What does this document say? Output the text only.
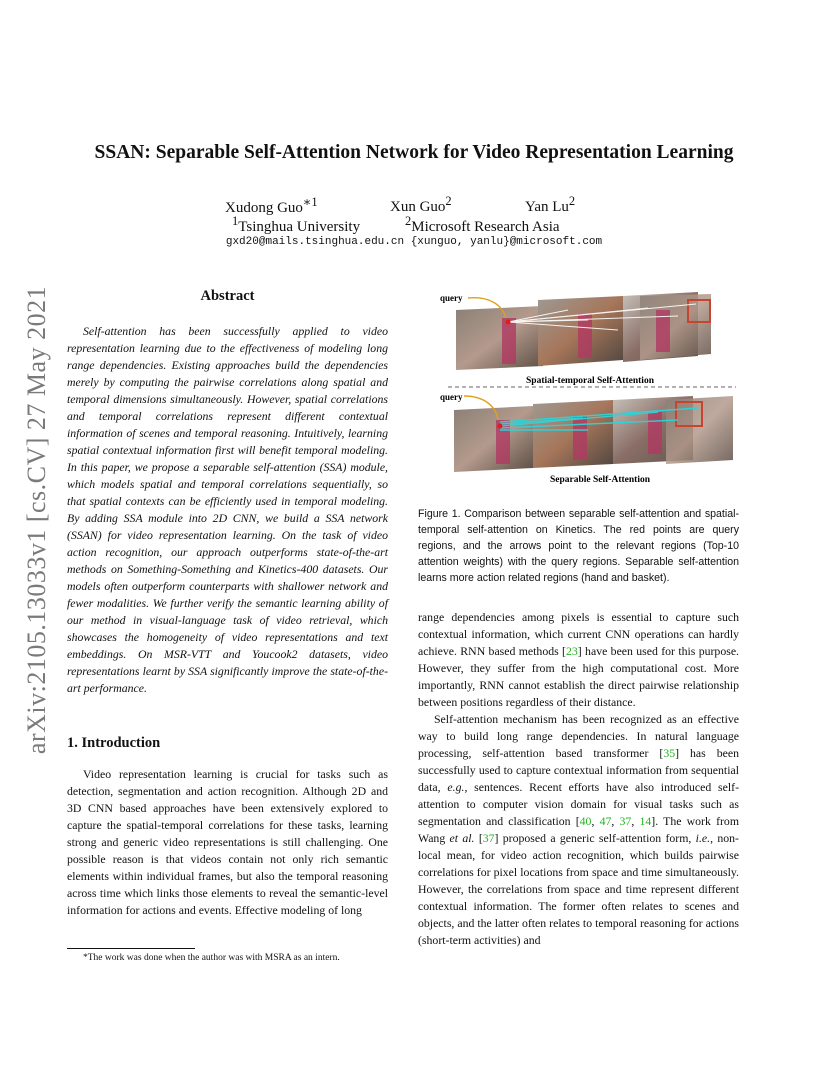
arXiv:2105.13033v1 [cs.CV] 27 May 2021
SSAN: Separable Self-Attention Network for Video Representation Learning
Xudong Guo$^{∗1}$	Xun Guo$^2$	Yan Lu$^2$
$^1$Tsinghua University	$^2$Microsoft Research Asia
gxd20@mails.tsinghua.edu.cn {xunguo, yanlu}@microsoft.com
Abstract

Self-attention has been successfully applied to video representation learning due to the effectiveness of modeling long range dependencies. Existing approaches build the dependencies merely by computing the pairwise correlations along spatial and temporal dimensions simultaneously. However, spatial correlations and temporal correlations represent different contextual information of scenes and temporal reasoning. Intuitively, learning spatial contextual information first will benefit temporal modeling. In this paper, we propose a separable self-attention (SSA) module, which models spatial and temporal correlations sequentially, so that spatial contexts can be efficiently used in temporal modeling. By adding SSA module into 2D CNN, we build a SSA network (SSAN) for video representation learning. On the task of video action recognition, our approach outperforms state-of-the-art methods on Something-Something and Kinetics-400 datasets. Our models often outperform counterparts with shallower network and fewer modalities. We further verify the semantic learning ability of our method in visual-language task of video retrieval, which showcases the homogeneity of video representations and text embeddings. On MSR-VTT and Youcook2 datasets, video representations learnt by SSA significantly improve the state-of-the-art performance.

1. Introduction

Video representation learning is crucial for tasks such as detection, segmentation and action recognition. Although 2D and 3D CNN based approaches have been extensively explored to capture the spatial-temporal correlations for these tasks, learning strong and generic video representations is still challenging. One possible reason is that videos contain not only rich semantic elements within individual frames, but also the temporal reasoning across time which links those elements to reveal the semantic-level information for actions and events. Effective modeling of long

*The work was done when the author was with MSRA as an intern.
query
Spatial-temporal Self-Attention
query
Separable Self-Attention
Figure 1. Comparison between separable self-attention and spatial-temporal self-attention on Kinetics. The red points are query regions, and the arrows point to the relevant regions (Top-10 attention weights) with the query regions. Separable self-attention learns more action related regions (hand and basket).

range dependencies among pixels is essential to capture such contextual information, which current CNN operations can hardly achieve. RNN based methods [23] have been used for this purpose. However, they suffer from the high computational cost. More importantly, RNN cannot establish the direct pairwise relationship between positions regardless of their distance.

Self-attention mechanism has been recognized as an effective way to build long range dependencies. In natural language processing, self-attention based transformer [35] has been successfully used to capture contextual information from sequential data, e.g., sentences. Recent efforts have also introduced self-attention to computer vision domain for visual tasks such as segmentation and classification [40, 47, 37, 14]. The work from Wang et al. [37] proposed a generic self-attention form, i.e., non-local mean, for video action recognition, which builds pairwise correlations for pixel locations from space and time simultaneously. However, the correlations from space and time represent different contextual information. The former often relates to scenes and objects, and the latter often relates to temporal reasoning for actions (short-term activities) and
